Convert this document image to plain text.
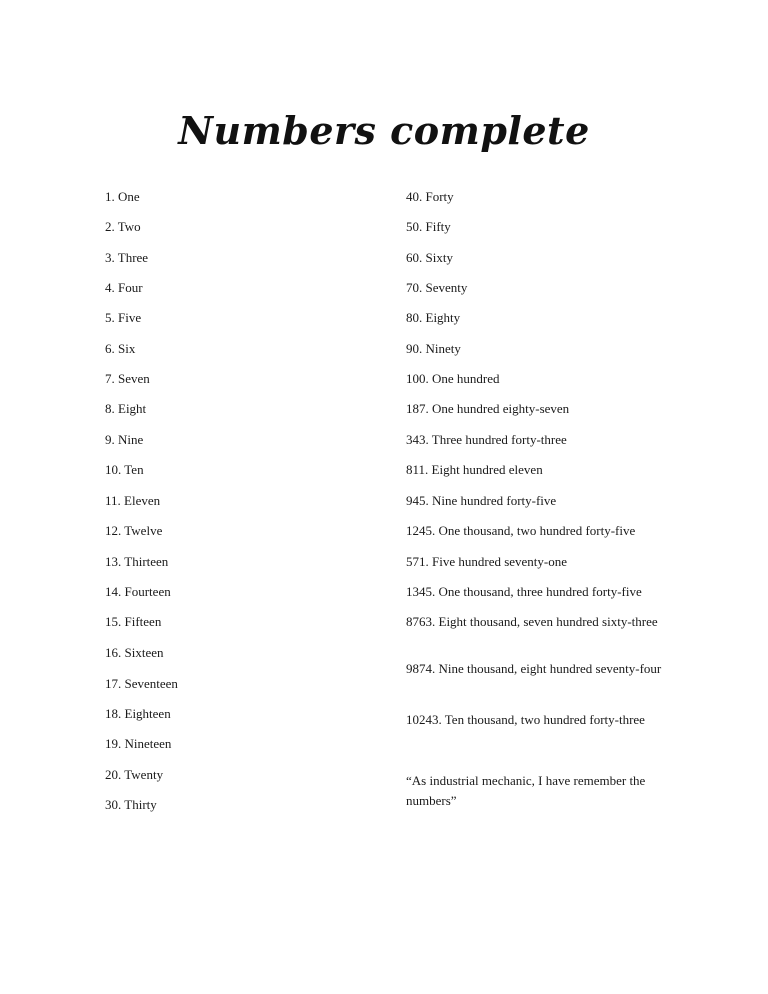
Numbers complete
1. One
2. Two
3. Three
4. Four
5. Five
6. Six
7. Seven
8. Eight
9. Nine
10. Ten
11. Eleven
12. Twelve
13. Thirteen
14. Fourteen
15. Fifteen
16. Sixteen
17. Seventeen
18. Eighteen
19. Nineteen
20. Twenty
30. Thirty
40. Forty
50. Fifty
60. Sixty
70. Seventy
80. Eighty
90. Ninety
100. One hundred
187. One hundred eighty-seven
343. Three hundred forty-three
811. Eight hundred eleven
945. Nine hundred forty-five
1245. One thousand, two hundred forty-five
571. Five hundred seventy-one
1345. One thousand, three hundred forty-five
8763. Eight thousand, seven hundred sixty-three
9874. Nine thousand, eight hundred seventy-four
10243. Ten thousand, two hundred forty-three

“As industrial mechanic, I have remember the numbers”
